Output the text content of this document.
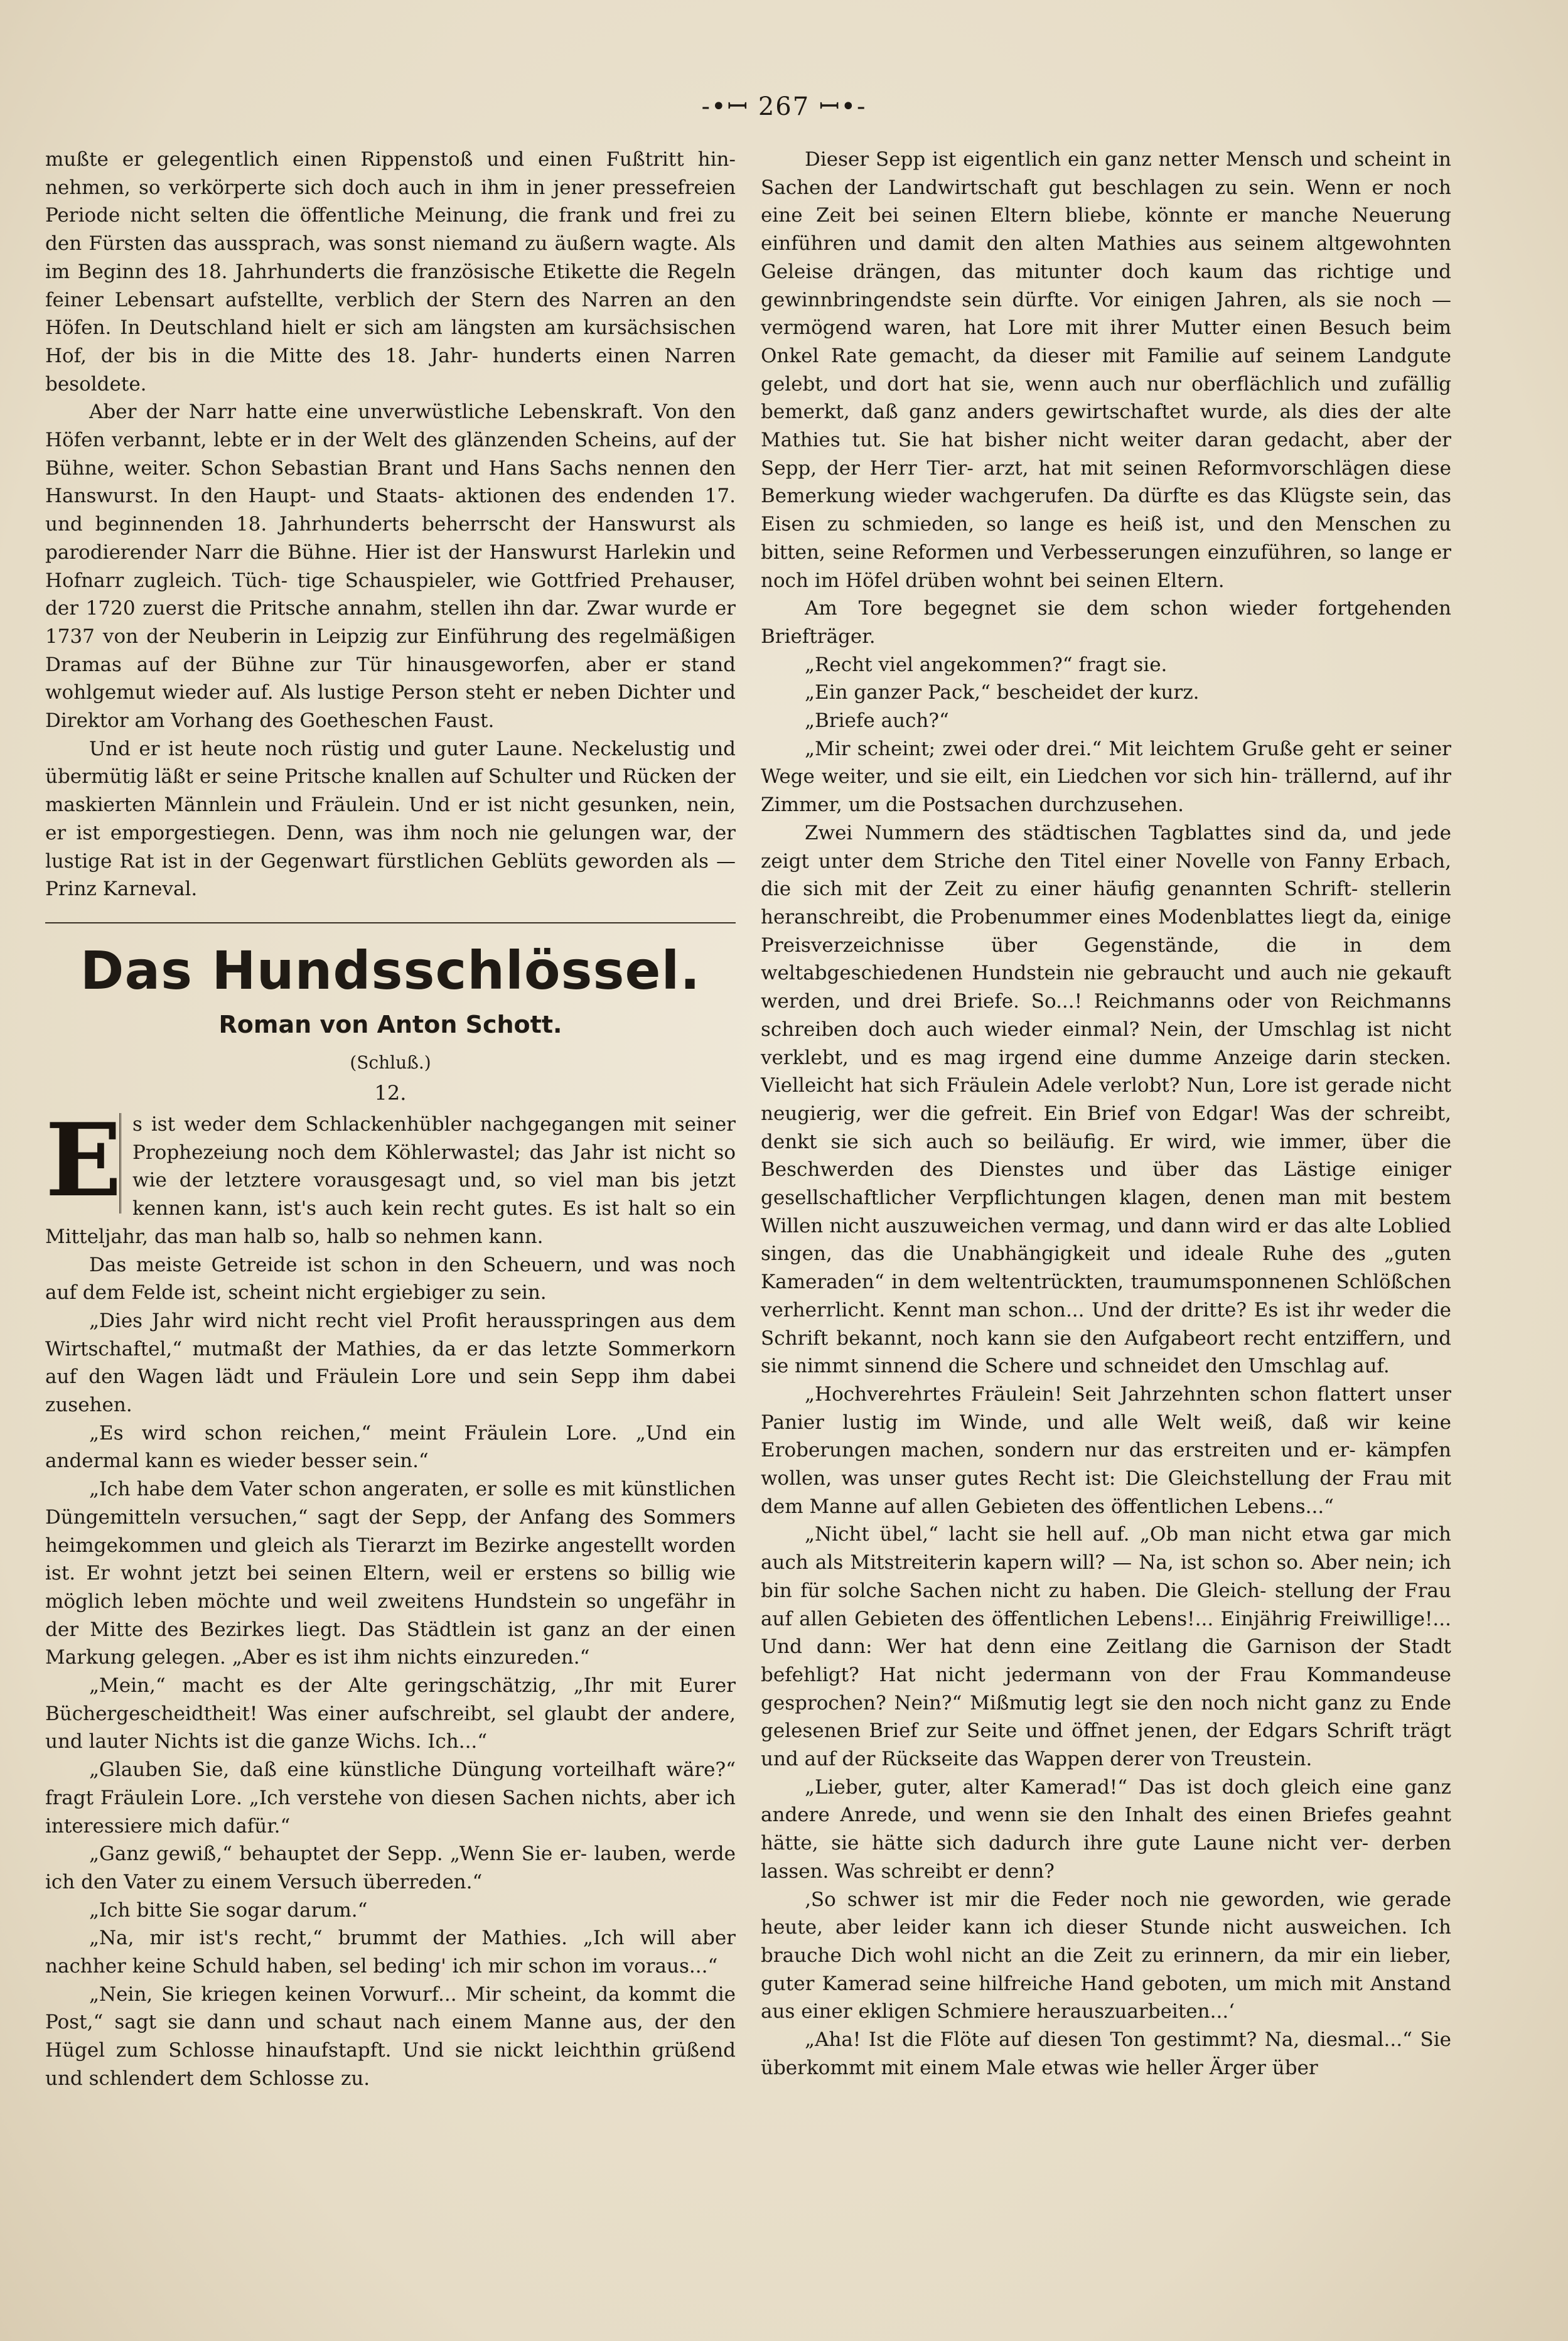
-•ꟷ 267 ꟷ•-

mußte er gelegentlich einen Rippenstoß und einen Fußtritt hin- nehmen, so verkörperte sich doch auch in ihm in jener pressefreien Periode nicht selten die öffentliche Meinung, die frank und frei zu den Fürsten das aussprach, was sonst niemand zu äußern wagte. Als im Beginn des 18. Jahrhunderts die französische Etikette die Regeln feiner Lebensart aufstellte, verblich der Stern des Narren an den Höfen. In Deutschland hielt er sich am längsten am kursächsischen Hof, der bis in die Mitte des 18. Jahr- hunderts einen Narren besoldete.

Aber der Narr hatte eine unverwüstliche Lebenskraft. Von den Höfen verbannt, lebte er in der Welt des glänzenden Scheins, auf der Bühne, weiter. Schon Sebastian Brant und Hans Sachs nennen den Hanswurst. In den Haupt- und Staats- aktionen des endenden 17. und beginnenden 18. Jahrhunderts beherrscht der Hanswurst als parodierender Narr die Bühne. Hier ist der Hanswurst Harlekin und Hofnarr zugleich. Tüch- tige Schauspieler, wie Gottfried Prehauser, der 1720 zuerst die Pritsche annahm, stellen ihn dar. Zwar wurde er 1737 von der Neuberin in Leipzig zur Einführung des regelmäßigen Dramas auf der Bühne zur Tür hinausgeworfen, aber er stand wohlgemut wieder auf. Als lustige Person steht er neben Dichter und Direktor am Vorhang des Goetheschen Faust.

Und er ist heute noch rüstig und guter Laune. Neckelustig und übermütig läßt er seine Pritsche knallen auf Schulter und Rücken der maskierten Männlein und Fräulein. Und er ist nicht gesunken, nein, er ist emporgestiegen. Denn, was ihm noch nie gelungen war, der lustige Rat ist in der Gegenwart fürstlichen Geblüts geworden als — Prinz Karneval.

Das Hundsschlössel.
Roman von Anton Schott.
(Schluß.)
12.
E s ist weder dem Schlackenhübler nachgegangen mit seiner Prophezeiung noch dem Köhlerwastel; das Jahr ist nicht so wie der letztere vorausgesagt und, so viel man bis jetzt kennen kann, ist's auch kein recht gutes. Es ist halt so ein Mitteljahr, das man halb so, halb so nehmen kann.

Das meiste Getreide ist schon in den Scheuern, und was noch auf dem Felde ist, scheint nicht ergiebiger zu sein.

„Dies Jahr wird nicht recht viel Profit herausspringen aus dem Wirtschaftel,“ mutmaßt der Mathies, da er das letzte Sommerkorn auf den Wagen lädt und Fräulein Lore und sein Sepp ihm dabei zusehen.

„Es wird schon reichen,“ meint Fräulein Lore. „Und ein andermal kann es wieder besser sein.“

„Ich habe dem Vater schon angeraten, er solle es mit künstlichen Düngemitteln versuchen,“ sagt der Sepp, der Anfang des Sommers heimgekommen und gleich als Tierarzt im Bezirke angestellt worden ist. Er wohnt jetzt bei seinen Eltern, weil er erstens so billig wie möglich leben möchte und weil zweitens Hundstein so ungefähr in der Mitte des Bezirkes liegt. Das Städtlein ist ganz an der einen Markung gelegen. „Aber es ist ihm nichts einzureden.“

„Mein,“ macht es der Alte geringschätzig, „Ihr mit Eurer Büchergescheidtheit! Was einer aufschreibt, sel glaubt der andere, und lauter Nichts ist die ganze Wichs. Ich...“

„Glauben Sie, daß eine künstliche Düngung vorteilhaft wäre?“ fragt Fräulein Lore. „Ich verstehe von diesen Sachen nichts, aber ich interessiere mich dafür.“

„Ganz gewiß,“ behauptet der Sepp. „Wenn Sie er- lauben, werde ich den Vater zu einem Versuch überreden.“

„Ich bitte Sie sogar darum.“

„Na, mir ist's recht,“ brummt der Mathies. „Ich will aber nachher keine Schuld haben, sel beding' ich mir schon im voraus...“

„Nein, Sie kriegen keinen Vorwurf... Mir scheint, da kommt die Post,“ sagt sie dann und schaut nach einem Manne aus, der den Hügel zum Schlosse hinaufstapft. Und sie nickt leichthin grüßend und schlendert dem Schlosse zu.

Dieser Sepp ist eigentlich ein ganz netter Mensch und scheint in Sachen der Landwirtschaft gut beschlagen zu sein. Wenn er noch eine Zeit bei seinen Eltern bliebe, könnte er manche Neuerung einführen und damit den alten Mathies aus seinem altgewohnten Geleise drängen, das mitunter doch kaum das richtige und gewinnbringendste sein dürfte. Vor einigen Jahren, als sie noch — vermögend waren, hat Lore mit ihrer Mutter einen Besuch beim Onkel Rate gemacht, da dieser mit Familie auf seinem Landgute gelebt, und dort hat sie, wenn auch nur oberflächlich und zufällig bemerkt, daß ganz anders gewirtschaftet wurde, als dies der alte Mathies tut. Sie hat bisher nicht weiter daran gedacht, aber der Sepp, der Herr Tier- arzt, hat mit seinen Reformvorschlägen diese Bemerkung wieder wachgerufen. Da dürfte es das Klügste sein, das Eisen zu schmieden, so lange es heiß ist, und den Menschen zu bitten, seine Reformen und Verbesserungen einzuführen, so lange er noch im Höfel drüben wohnt bei seinen Eltern.

Am Tore begegnet sie dem schon wieder fortgehenden Briefträger.

„Recht viel angekommen?“ fragt sie.

„Ein ganzer Pack,“ bescheidet der kurz.

„Briefe auch?“

„Mir scheint; zwei oder drei.“ Mit leichtem Gruße geht er seiner Wege weiter, und sie eilt, ein Liedchen vor sich hin- trällernd, auf ihr Zimmer, um die Postsachen durchzusehen.

Zwei Nummern des städtischen Tagblattes sind da, und jede zeigt unter dem Striche den Titel einer Novelle von Fanny Erbach, die sich mit der Zeit zu einer häufig genannten Schrift- stellerin heranschreibt, die Probenummer eines Modenblattes liegt da, einige Preisverzeichnisse über Gegenstände, die in dem weltabgeschiedenen Hundstein nie gebraucht und auch nie gekauft werden, und drei Briefe. So...! Reichmanns oder von Reichmanns schreiben doch auch wieder einmal? Nein, der Umschlag ist nicht verklebt, und es mag irgend eine dumme Anzeige darin stecken. Vielleicht hat sich Fräulein Adele verlobt? Nun, Lore ist gerade nicht neugierig, wer die gefreit. Ein Brief von Edgar! Was der schreibt, denkt sie sich auch so beiläufig. Er wird, wie immer, über die Beschwerden des Dienstes und über das Lästige einiger gesellschaftlicher Verpflichtungen klagen, denen man mit bestem Willen nicht auszuweichen vermag, und dann wird er das alte Loblied singen, das die Unabhängigkeit und ideale Ruhe des „guten Kameraden“ in dem weltentrückten, traumumsponnenen Schlößchen verherrlicht. Kennt man schon... Und der dritte? Es ist ihr weder die Schrift bekannt, noch kann sie den Aufgabeort recht entziffern, und sie nimmt sinnend die Schere und schneidet den Umschlag auf.

„Hochverehrtes Fräulein! Seit Jahrzehnten schon flattert unser Panier lustig im Winde, und alle Welt weiß, daß wir keine Eroberungen machen, sondern nur das erstreiten und er- kämpfen wollen, was unser gutes Recht ist: Die Gleichstellung der Frau mit dem Manne auf allen Gebieten des öffentlichen Lebens...“

„Nicht übel,“ lacht sie hell auf. „Ob man nicht etwa gar mich auch als Mitstreiterin kapern will? — Na, ist schon so. Aber nein; ich bin für solche Sachen nicht zu haben. Die Gleich- stellung der Frau auf allen Gebieten des öffentlichen Lebens!... Einjährig Freiwillige!... Und dann: Wer hat denn eine Zeitlang die Garnison der Stadt befehligt? Hat nicht jedermann von der Frau Kommandeuse gesprochen? Nein?“ Mißmutig legt sie den noch nicht ganz zu Ende gelesenen Brief zur Seite und öffnet jenen, der Edgars Schrift trägt und auf der Rückseite das Wappen derer von Treustein.

„Lieber, guter, alter Kamerad!“ Das ist doch gleich eine ganz andere Anrede, und wenn sie den Inhalt des einen Briefes geahnt hätte, sie hätte sich dadurch ihre gute Laune nicht ver- derben lassen. Was schreibt er denn?

‚So schwer ist mir die Feder noch nie geworden, wie gerade heute, aber leider kann ich dieser Stunde nicht ausweichen. Ich brauche Dich wohl nicht an die Zeit zu erinnern, da mir ein lieber, guter Kamerad seine hilfreiche Hand geboten, um mich mit Anstand aus einer ekligen Schmiere herauszuarbeiten...‘

„Aha! Ist die Flöte auf diesen Ton gestimmt? Na, diesmal...“ Sie überkommt mit einem Male etwas wie heller Ärger über
